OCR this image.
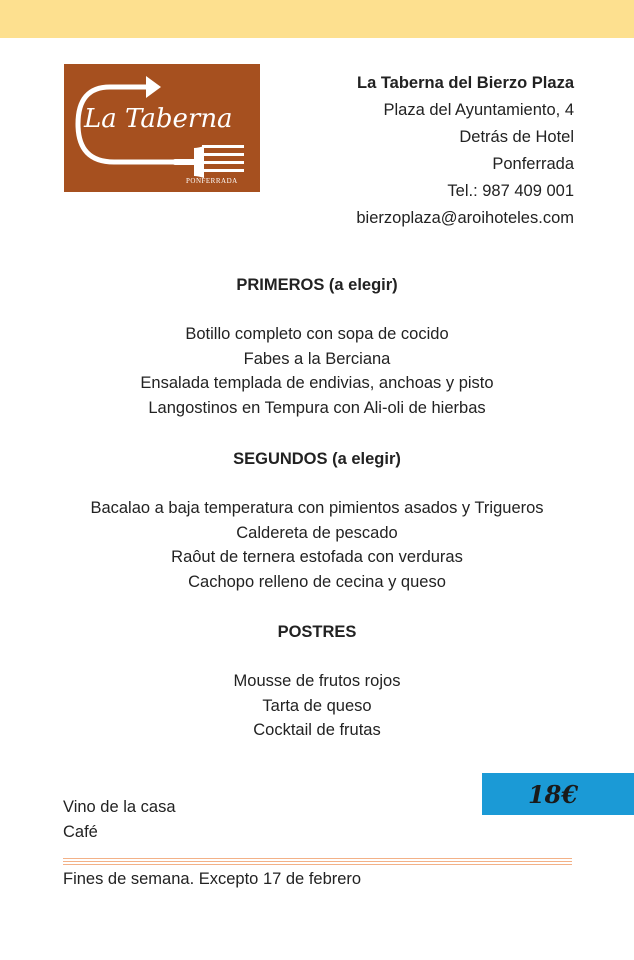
La Taberna
PONFERRADA
La Taberna del Bierzo Plaza
Plaza del Ayuntamiento, 4
Detrás de Hotel
Ponferrada
Tel.: 987 409 001
bierzoplaza@aroihoteles.com
PRIMEROS (a elegir)
Botillo completo con sopa de cocido
Fabes a la Berciana
Ensalada templada de endivias, anchoas y pisto
Langostinos en Tempura con Ali-oli de hierbas
SEGUNDOS (a elegir)
Bacalao a baja temperatura con pimientos asados y Trigueros
Caldereta de pescado
Raôut de ternera estofada con verduras
Cachopo relleno de cecina y queso
POSTRES
Mousse de frutos rojos
Tarta de queso
Cocktail de frutas
Vino de la casa
Café
18€
Fines de semana. Excepto 17 de febrero
